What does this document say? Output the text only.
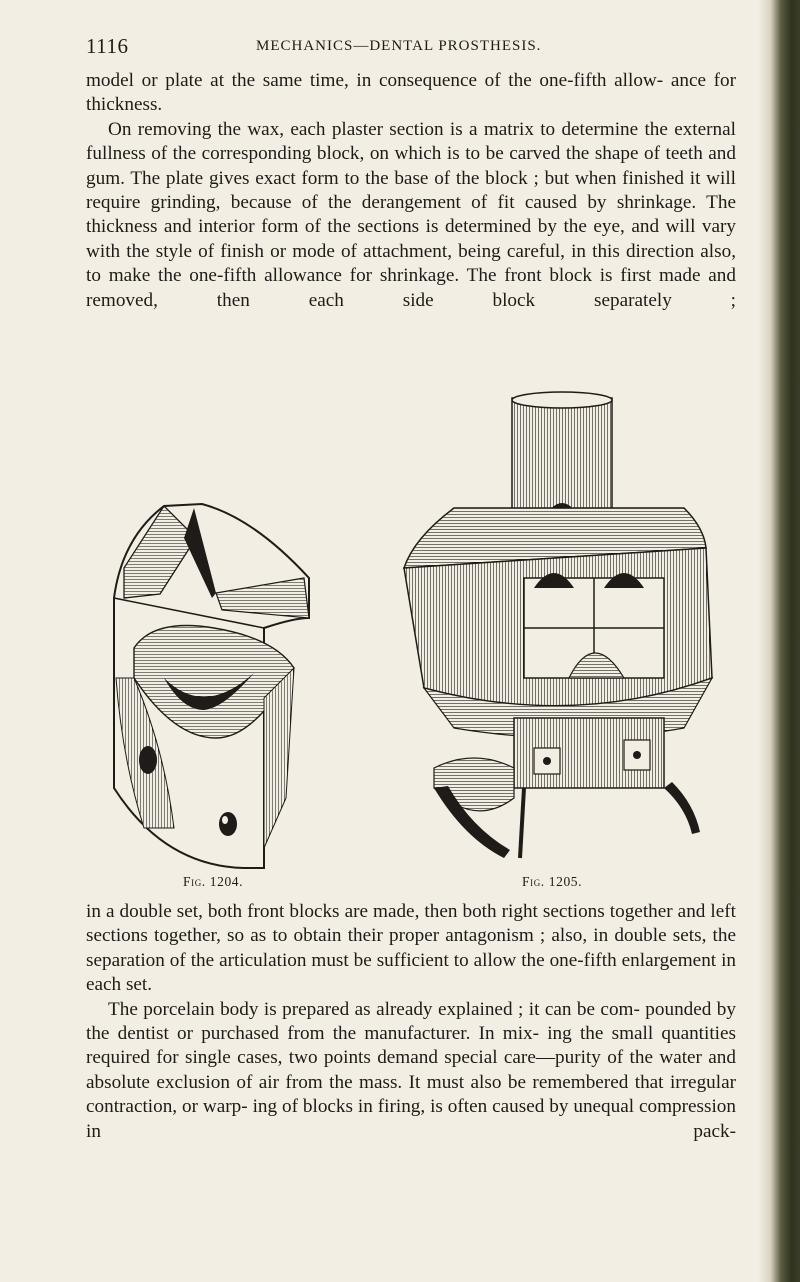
1116	MECHANICS—DENTAL PROSTHESIS.

model or plate at the same time, in consequence of the one-fifth allow- ance for thickness.

On removing the wax, each plaster section is a matrix to determine the external fullness of the corresponding block, on which is to be carved the shape of teeth and gum. The plate gives exact form to the base of the block ; but when finished it will require grinding, because of the derangement of fit caused by shrinkage. The thickness and interior form of the sections is determined by the eye, and will vary with the style of finish or mode of attachment, being careful, in this direction also, to make the one-fifth allowance for shrinkage. The front block is first made and removed, then each side block separately ;

Fig. 1204.	Fig. 1205.

in a double set, both front blocks are made, then both right sections together and left sections together, so as to obtain their proper antagonism ; also, in double sets, the separation of the articulation must be sufficient to allow the one-fifth enlargement in each set.

The porcelain body is prepared as already explained ; it can be com- pounded by the dentist or purchased from the manufacturer. In mix- ing the small quantities required for single cases, two points demand special care—purity of the water and absolute exclusion of air from the mass. It must also be remembered that irregular contraction, or warp- ing of blocks in firing, is often caused by unequal compression in pack-
